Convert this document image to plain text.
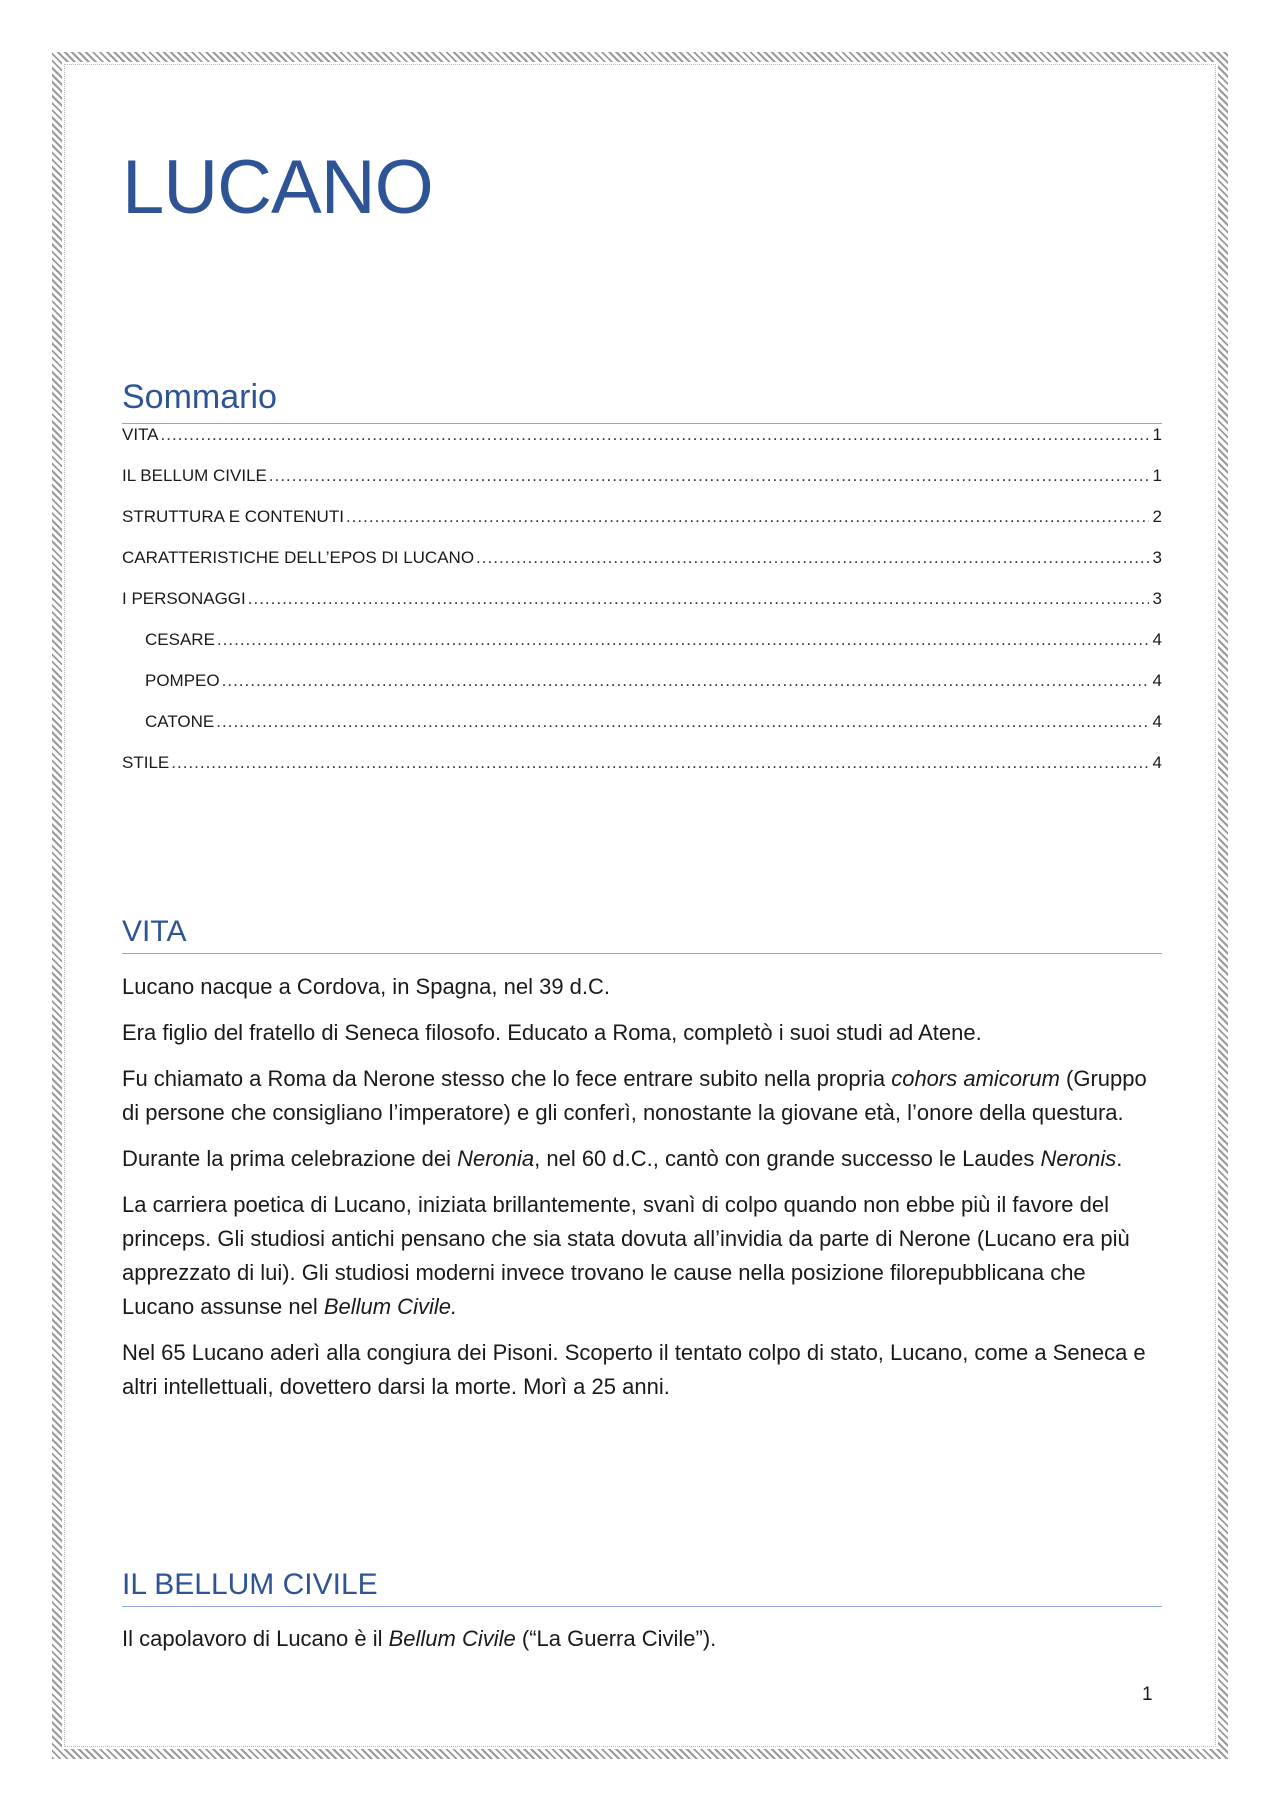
LUCANO
Sommario
VITA .....	1
IL BELLUM CIVILE .....	1
STRUTTURA E CONTENUTI .....	2
CARATTERISTICHE DELL’EPOS DI LUCANO .....	3
I PERSONAGGI .....	3
CESARE .....	4
POMPEO .....	4
CATONE .....	4
STILE .....	4
VITA

Lucano nacque a Cordova, in Spagna, nel 39 d.C.

Era figlio del fratello di Seneca filosofo. Educato a Roma, completò i suoi studi ad Atene.

Fu chiamato a Roma da Nerone stesso che lo fece entrare subito nella propria cohors amicorum (Gruppo di persone che consigliano l’imperatore) e gli conferì, nonostante la giovane età, l’onore della questura.

Durante la prima celebrazione dei Neronia, nel 60 d.C., cantò con grande successo le Laudes Neronis.

La carriera poetica di Lucano, iniziata brillantemente, svanì di colpo quando non ebbe più il favore del princeps. Gli studiosi antichi pensano che sia stata dovuta all’invidia da parte di Nerone (Lucano era più apprezzato di lui). Gli studiosi moderni invece trovano le cause nella posizione filorepubblicana che Lucano assunse nel Bellum Civile.

Nel 65 Lucano aderì alla congiura dei Pisoni. Scoperto il tentato colpo di stato, Lucano, come a Seneca e altri intellettuali, dovettero darsi la morte. Morì a 25 anni.

IL BELLUM CIVILE

Il capolavoro di Lucano è il Bellum Civile (“La Guerra Civile”).

1
